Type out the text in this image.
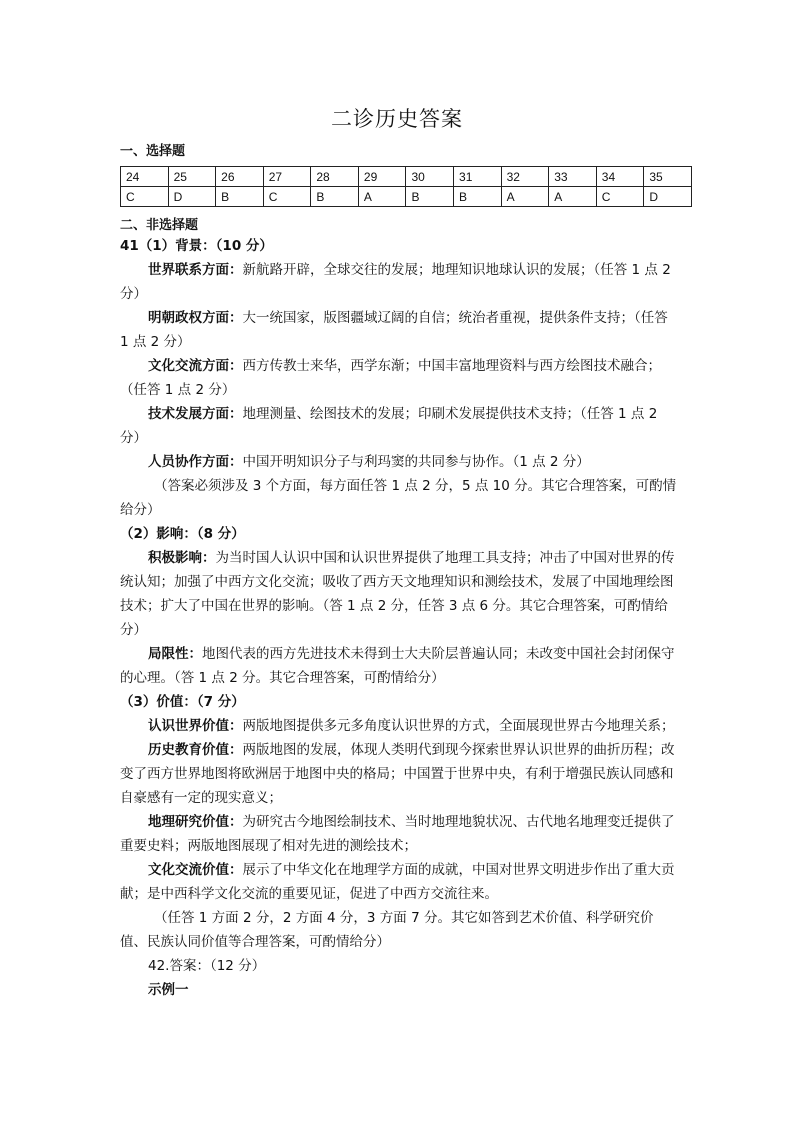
二诊历史答案
一、选择题
24	25	26	27	28	29	30	31	32	33	34	35
C	D	B	C	B	A	B	B	A	A	C	D
二、非选择题

41（1）背景：（10 分）

世界联系方面：新航路开辟，全球交往的发展；地理知识地球认识的发展；（任答 1 点 2 分）

明朝政权方面：大一统国家，版图疆域辽阔的自信；统治者重视，提供条件支持；（任答 1 点 2 分）

文化交流方面：西方传教士来华，西学东渐；中国丰富地理资料与西方绘图技术融合；（任答 1 点 2 分）

技术发展方面：地理测量、绘图技术的发展；印刷术发展提供技术支持；（任答 1 点 2 分）

人员协作方面：中国开明知识分子与利玛窦的共同参与协作。（1 点 2 分）

（答案必须涉及 3 个方面，每方面任答 1 点 2 分，5 点 10 分。其它合理答案，可酌情给分）

（2）影响：（8 分）

积极影响：为当时国人认识中国和认识世界提供了地理工具支持；冲击了中国对世界的传统认知；加强了中西方文化交流；吸收了西方天文地理知识和测绘技术，发展了中国地理绘图技术；扩大了中国在世界的影响。（答 1 点 2 分，任答 3 点 6 分。其它合理答案，可酌情给分）

局限性：地图代表的西方先进技术未得到士大夫阶层普遍认同；未改变中国社会封闭保守的心理。（答 1 点 2 分。其它合理答案，可酌情给分）

（3）价值：（7 分）

认识世界价值：两版地图提供多元多角度认识世界的方式，全面展现世界古今地理关系；

历史教育价值：两版地图的发展，体现人类明代到现今探索世界认识世界的曲折历程；改变了西方世界地图将欧洲居于地图中央的格局；中国置于世界中央，有利于增强民族认同感和自豪感有一定的现实意义；

地理研究价值：为研究古今地图绘制技术、当时地理地貌状况、古代地名地理变迁提供了重要史料；两版地图展现了相对先进的测绘技术；

文化交流价值：展示了中华文化在地理学方面的成就，中国对世界文明进步作出了重大贡献；是中西科学文化交流的重要见证，促进了中西方交流往来。

（任答 1 方面 2 分，2 方面 4 分，3 方面 7 分。其它如答到艺术价值、科学研究价值、民族认同价值等合理答案，可酌情给分）

42.答案：（12 分）

示例一
